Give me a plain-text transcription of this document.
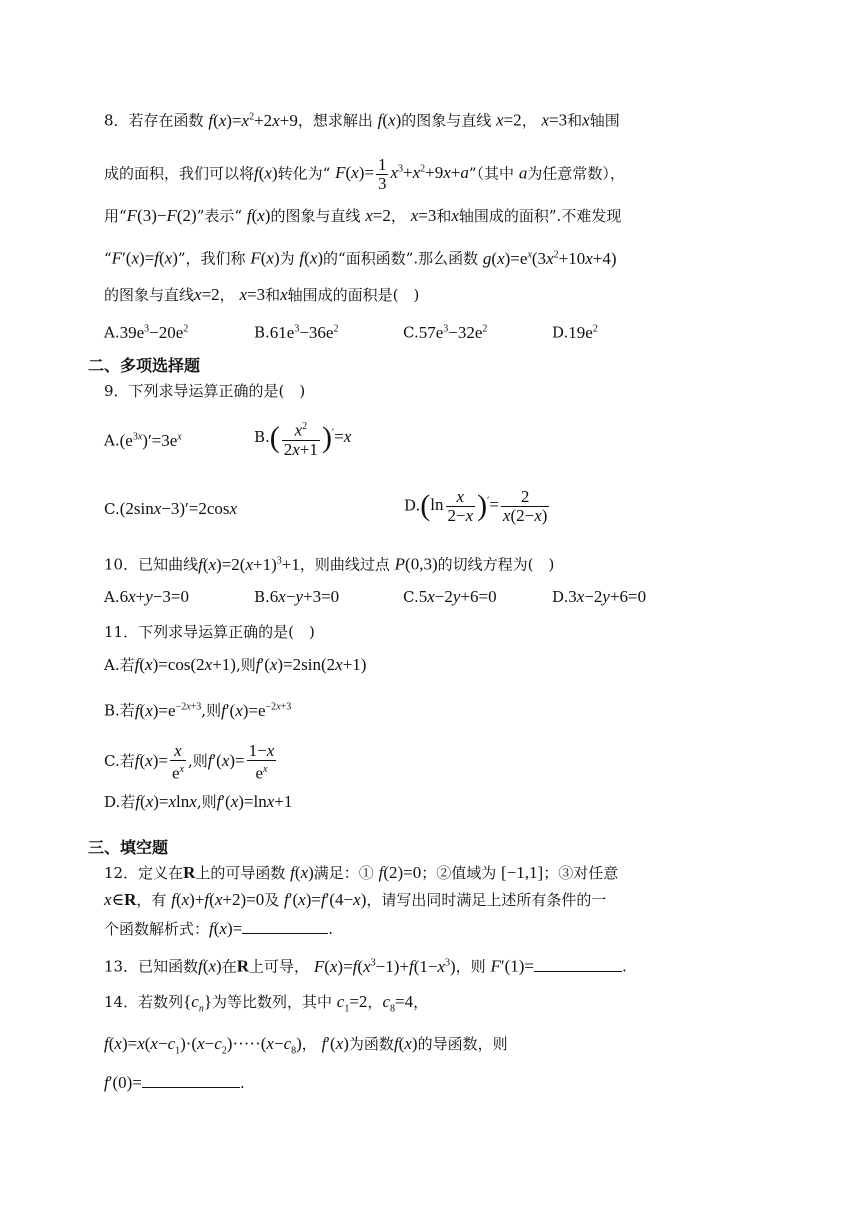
8．若存在函数 $f(x)=x^2+2x+9$，想求解出 f(x)的图象与直线 x=2， x=3和x轴围
成的面积，我们可以将f(x)转化为“ $F(x)= \frac{1}{3}$ $x^3+x^2+9x+a$”（其中 a为任意常数），
用“F(3)−F(2)”表示“ f(x)的图象与直线 x=2， x=3和x轴围成的面积”.不难发现
“F′(x)=f(x)”，我们称 F(x)为 f(x)的“面积函数”.那么函数 $g(x)=e^x(3x^2+10x+4)$
的图象与直线x=2， x=3和x轴围成的面积是(　)
$A.39e^3-20e^2$	$B.61e^3-36e^2$	$C.57e^3-32e^2$	$D.19e^2$
二、多项选择题
9．下列求导运算正确的是(　)
$A.(e^{3x})'=3e^x$	$B.( \frac{x^2}{2x+1} )'=x$
C.(2sinx−3)′=2cosx	$D.(\ln \frac{x}{2-x} )'= \frac{2}{x(2-x)}$
10．已知曲线$f(x)=2(x+1)^3+1$，则曲线过点 P(0,3)的切线方程为(　)
A.6x+y−3=0	B.6x−y+3=0	C.5x−2y+6=0	D.3x−2y+6=0
11．下列求导运算正确的是(　)
A.若f(x)=cos(2x+1),则f′(x)=2sin(2x+1)
B.若$f(x)=e^{-2x+3}$,则$f'(x)=e^{-2x+3}$
C.若$f(x)= \frac{x}{e^x}$ ,则$f'(x)= \frac{1-x}{e^x}$
D.若f(x)=xlnx,则f′(x)=lnx+1
三、填空题
12．定义在R上的可导函数 f(x)满足：① f(2)=0；②值域为 [−1,1]；③对任意
x∈R，有 f(x)+f(x+2)=0及 f′(x)=f′(4−x)，请写出同时满足上述所有条件的一
个函数解析式：f(x)=	.
13．已知函数f(x)在R上可导， $F(x)=f(x^3-1)+f(1-x^3)$，则 F′(1)=	.
14．若数列$\{c_n\}$为等比数列，其中 $c_1=2$，$c_8=4$，
$f(x)=x(x-c_1)\cdot(x-c_2)\cdot\cdot\cdot\cdot\cdot(x-c_8)$， f′(x)为函数f(x)的导函数，则
f′(0)=	.
